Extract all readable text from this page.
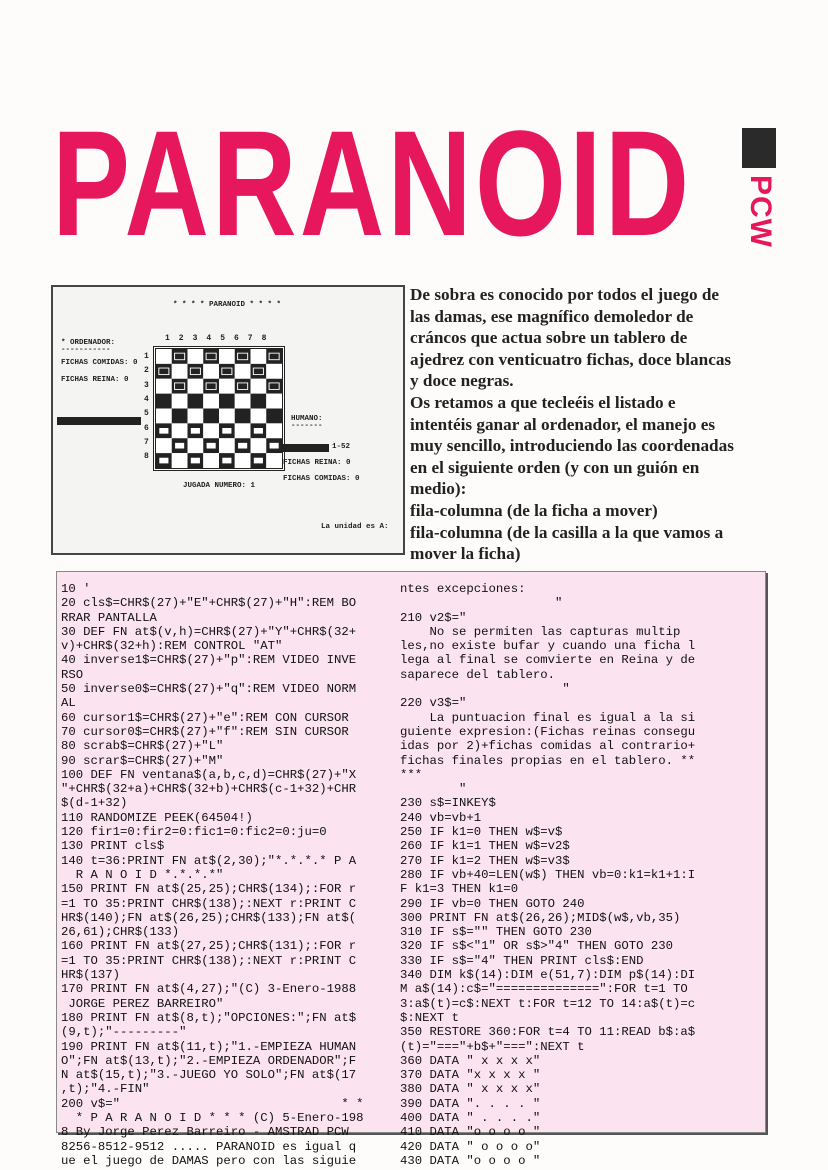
PARANOID PCW
* * * * PARANOID * * * *
* ORDENADOR:
-----------
FICHAS COMIDAS: 0
FICHAS REINA: 0
12345678
1
2
3
4
5
6
7
8
HUMANO:
-------
1-52
FICHAS REINA: 0
FICHAS COMIDAS: 0
JUGADA NUMERO: 1
La unidad es A:

De sobra es conocido por todos el juego de las damas, ese magnífico demoledor de cráncos que actua sobre un tablero de ajedrez con venticuatro fichas, doce blancas y doce negras.

Os retamos a que tecleéis el listado e intentéis ganar al ordenador, el manejo es muy sencillo, introduciendo las coordenadas en el siguiente orden (y con un guión en medio):

fila-columna (de la ficha a mover)

fila-columna (de la casilla a la que vamos a mover la ficha)

10 '
20 cls$=CHR$(27)+"E"+CHR$(27)+"H":REM BO
RRAR PANTALLA
30 DEF FN at$(v,h)=CHR$(27)+"Y"+CHR$(32+
v)+CHR$(32+h):REM CONTROL "AT"
40 inverse1$=CHR$(27)+"p":REM VIDEO INVE
RSO
50 inverse0$=CHR$(27)+"q":REM VIDEO NORM
AL
60 cursor1$=CHR$(27)+"e":REM CON CURSOR
70 cursor0$=CHR$(27)+"f":REM SIN CURSOR
80 scrab$=CHR$(27)+"L"
90 scrar$=CHR$(27)+"M"
100 DEF FN ventana$(a,b,c,d)=CHR$(27)+"X
"+CHR$(32+a)+CHR$(32+b)+CHR$(c-1+32)+CHR
$(d-1+32)
110 RANDOMIZE PEEK(64504!)
120 fir1=0:fir2=0:fic1=0:fic2=0:ju=0
130 PRINT cls$
140 t=36:PRINT FN at$(2,30);"*.*.*.* P A
R A N O I D *.*.*.*"
150 PRINT FN at$(25,25);CHR$(134);:FOR r
=1 TO 35:PRINT CHR$(138);:NEXT r:PRINT C
HR$(140);FN at$(26,25);CHR$(133);FN at$(
26,61);CHR$(133)
160 PRINT FN at$(27,25);CHR$(131);:FOR r
=1 TO 35:PRINT CHR$(138);:NEXT r:PRINT C
HR$(137)
170 PRINT FN at$(4,27);"(C) 3-Enero-1988
JORGE PEREZ BARREIRO"
180 PRINT FN at$(8,t);"OPCIONES:";FN at$
(9,t);"---------"
190 PRINT FN at$(11,t);"1.-EMPIEZA HUMAN
O";FN at$(13,t);"2.-EMPIEZA ORDENADOR";F
N at$(15,t);"3.-JUEGO YO SOLO";FN at$(17
,t);"4.-FIN"
200 v$="                              * *
* P A R A N O I D * * * (C) 5-Enero-198
8 By Jorge Perez Barreiro - AMSTRAD PCW
8256-8512-9512 ..... PARANOID es igual q
ue el juego de DAMAS pero con las siguie
ntes excepciones:
"
210 v2$="
No se permiten las capturas multip
les,no existe bufar y cuando una ficha l
lega al final se comvierte en Reina y de
saparece del tablero.
"
220 v3$="
La puntuacion final es igual a la si
guiente expresion:(Fichas reinas consegu
idas por 2)+fichas comidas al contrario+
fichas finales propias en el tablero. **
***
"
230 s$=INKEY$
240 vb=vb+1
250 IF k1=0 THEN w$=v$
260 IF k1=1 THEN w$=v2$
270 IF k1=2 THEN w$=v3$
280 IF vb+40=LEN(w$) THEN vb=0:k1=k1+1:I
F k1=3 THEN k1=0
290 IF vb=0 THEN GOTO 240
300 PRINT FN at$(26,26);MID$(w$,vb,35)
310 IF s$="" THEN GOTO 230
320 IF s$<"1" OR s$>"4" THEN GOTO 230
330 IF s$="4" THEN PRINT cls$:END
340 DIM k$(14):DIM e(51,7):DIM p$(14):DI
M a$(14):c$="==============":FOR t=1 TO
3:a$(t)=c$:NEXT t:FOR t=12 TO 14:a$(t)=c
$:NEXT t
350 RESTORE 360:FOR t=4 TO 11:READ b$:a$
(t)="==="+b$+"===":NEXT t
360 DATA " x x x x"
370 DATA "x x x x "
380 DATA " x x x x"
390 DATA ". . . . "
400 DATA " . . . ."
410 DATA "o o o o "
420 DATA " o o o o"
430 DATA "o o o o "
